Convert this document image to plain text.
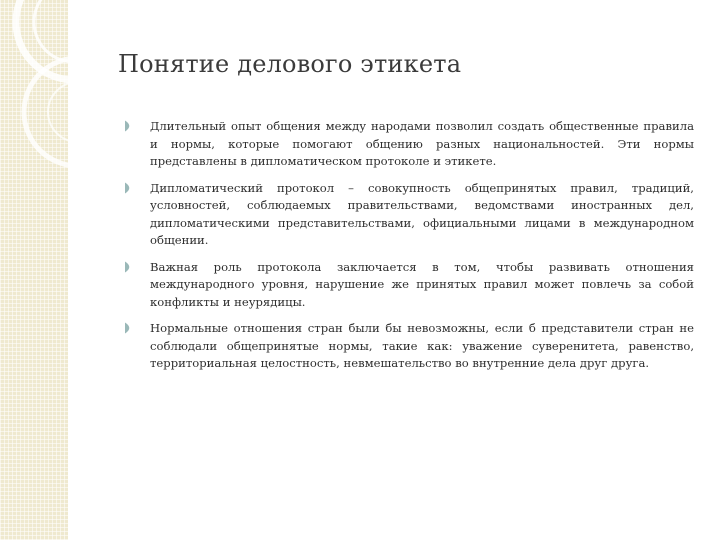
Понятие делового этикета
Длительный опыт общения между народами позволил создать общественные правила и нормы, которые помогают общению разных национальностей. Эти нормы представлены в дипломатическом протоколе и этикете.
Дипломатический протокол – совокупность общепринятых правил, традиций, условностей, соблюдаемых правительствами, ведомствами иностранных дел, дипломатическими представительствами, официальными лицами в международном общении.
Важная роль протокола заключается в том, чтобы развивать отношения международного уровня, нарушение же принятых правил может повлечь за собой конфликты и неурядицы.
Нормальные отношения стран были бы невозможны, если б представители стран не соблюдали общепринятые нормы, такие как: уважение суверенитета, равенство, территориальная целостность, невмешательство во внутренние дела друг друга.
